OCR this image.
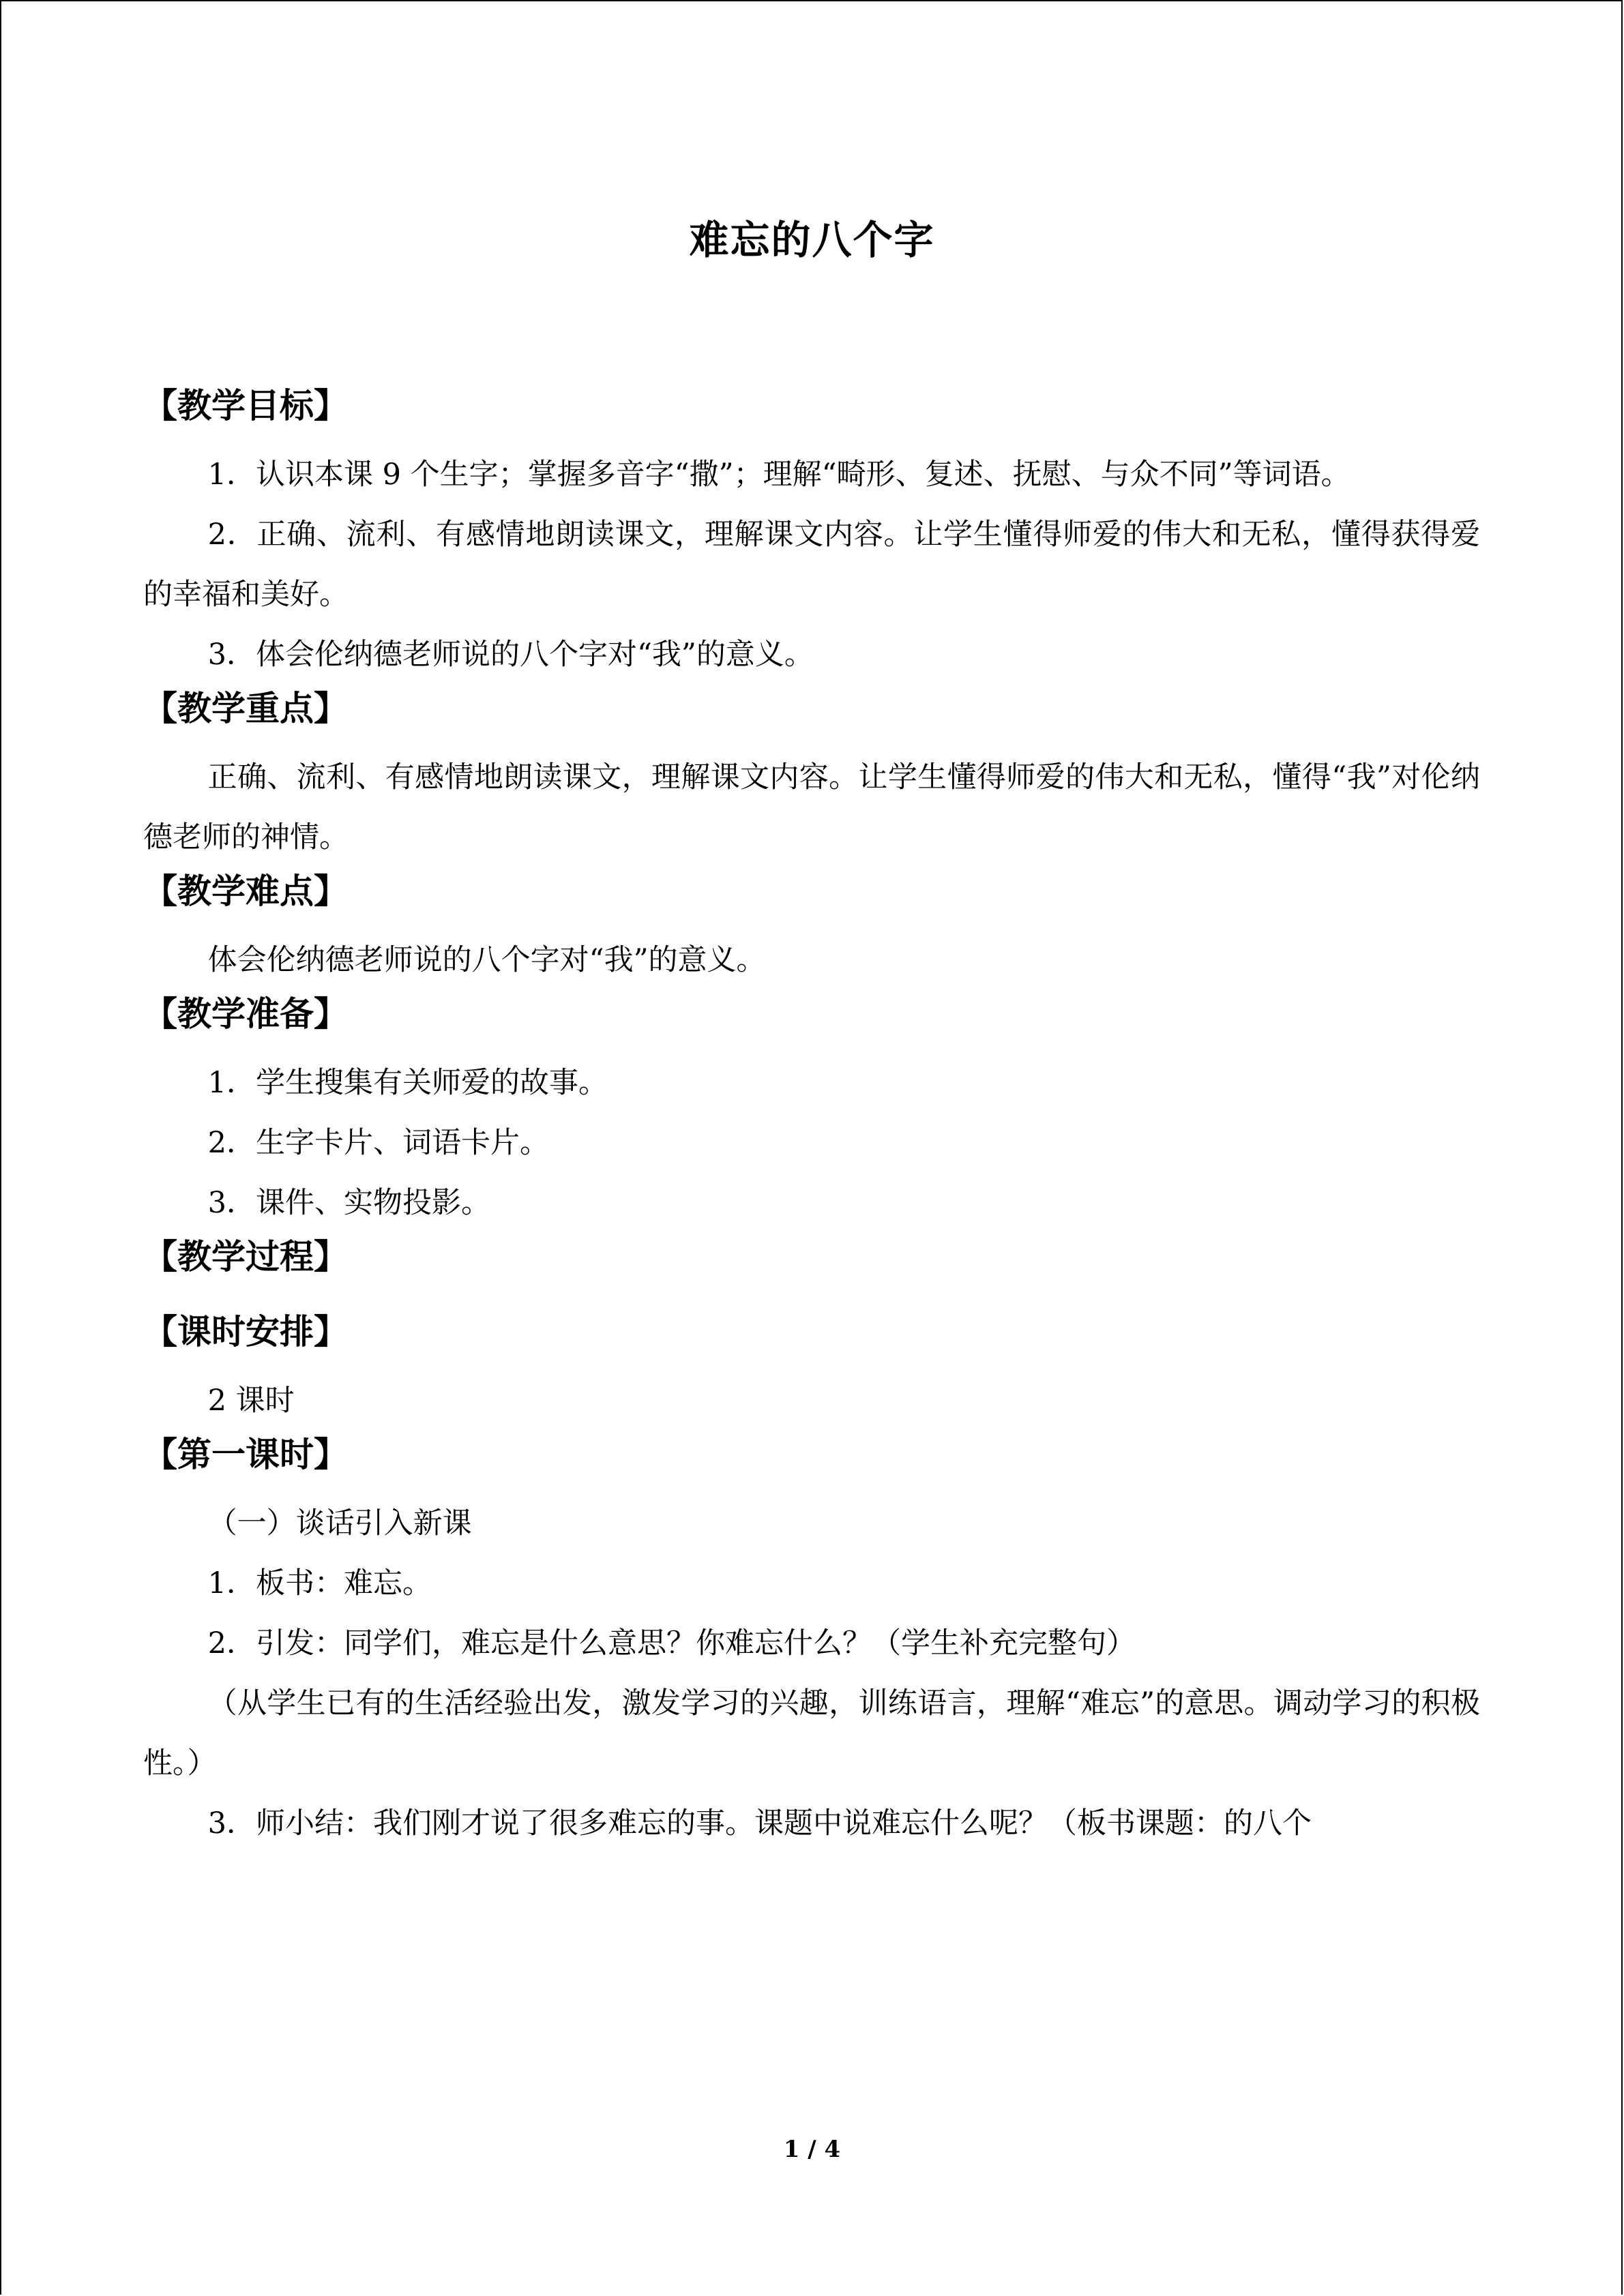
难忘的八个字

【教学目标】

1．认识本课 9 个生字；掌握多音字“撒”；理解“畸形、复述、抚慰、与众不同”等词语。

2．正确、流利、有感情地朗读课文，理解课文内容。让学生懂得师爱的伟大和无私，懂得获得爱的幸福和美好。

3．体会伦纳德老师说的八个字对“我”的意义。

【教学重点】

正确、流利、有感情地朗读课文，理解课文内容。让学生懂得师爱的伟大和无私，懂得“我”对伦纳德老师的神情。

【教学难点】

体会伦纳德老师说的八个字对“我”的意义。

【教学准备】

1．学生搜集有关师爱的故事。

2．生字卡片、词语卡片。

3．课件、实物投影。

【教学过程】

【课时安排】

2 课时

【第一课时】

（一）谈话引入新课

1．板书：难忘。

2．引发：同学们，难忘是什么意思？你难忘什么？（学生补充完整句）

（从学生已有的生活经验出发，激发学习的兴趣，训练语言，理解“难忘”的意思。调动学习的积极性。）

3．师小结：我们刚才说了很多难忘的事。课题中说难忘什么呢？（板书课题：的八个

1 / 4
